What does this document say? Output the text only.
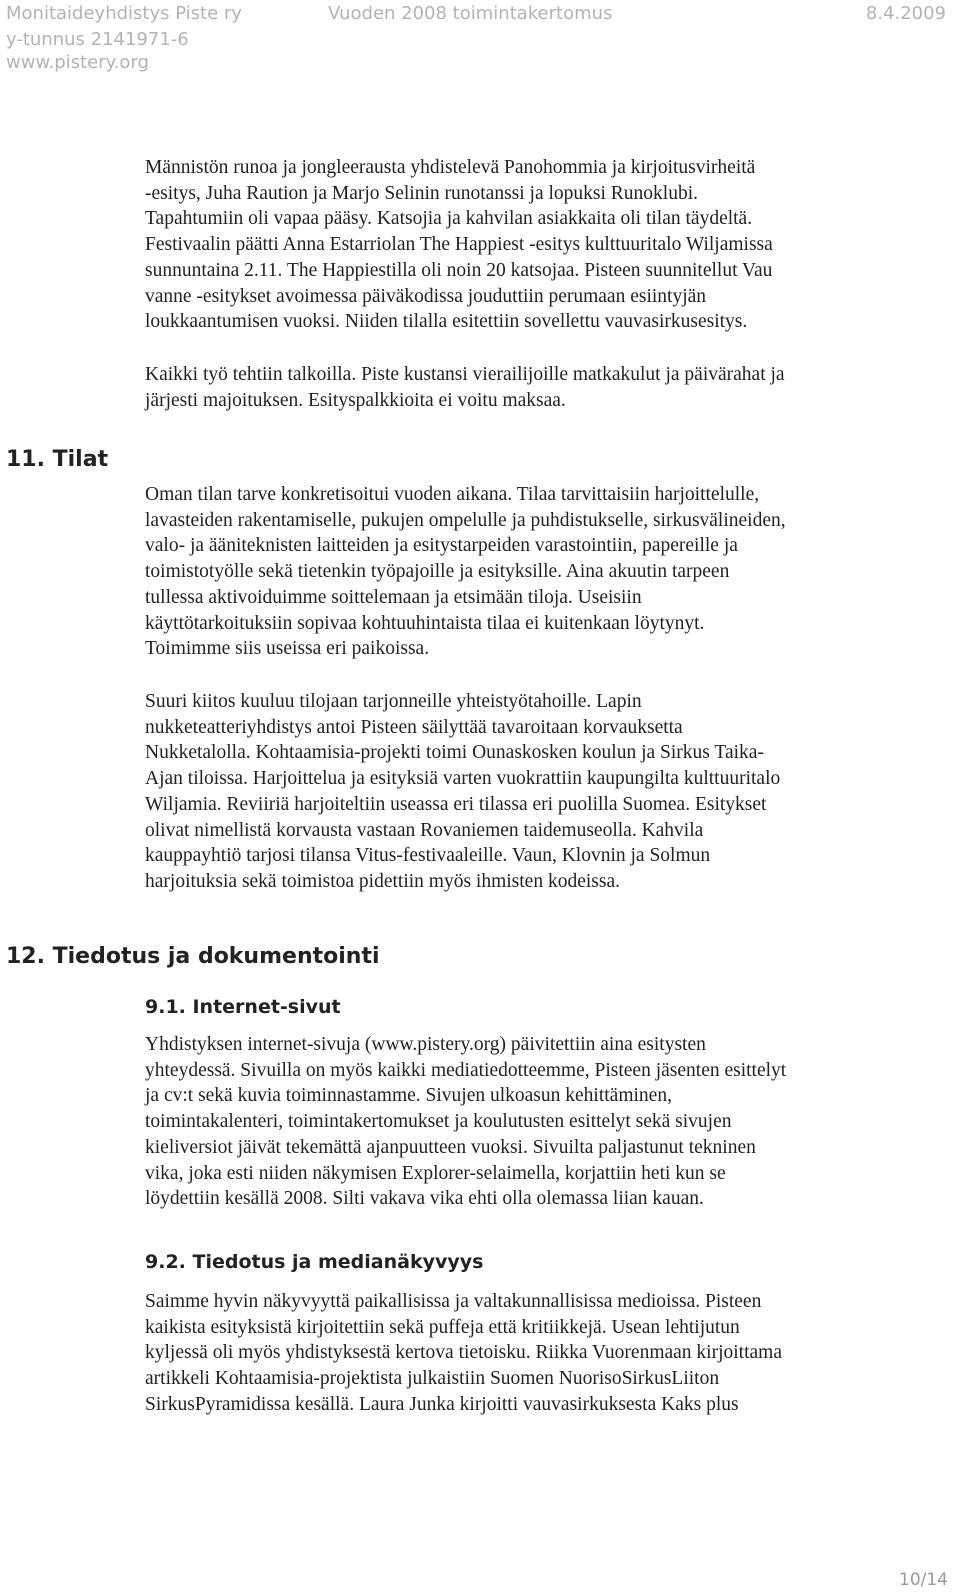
Monitaideyhdistys Piste ry	Vuoden 2008 toimintakertomus	8.4.2009
y-tunnus 2141971-6
www.pistery.org
Männistön runoa ja jongleerausta yhdistelevä Panohommia ja kirjoitusvirheitä
-esitys, Juha Raution ja Marjo Selinin runotanssi ja lopuksi Runoklubi.
Tapahtumiin oli vapaa pääsy. Katsojia ja kahvilan asiakkaita oli tilan täydeltä.
Festivaalin päätti Anna Estarriolan The Happiest -esitys kulttuuritalo Wiljamissa
sunnuntaina 2.11. The Happiestilla oli noin 20 katsojaa. Pisteen suunnitellut Vau
vanne -esitykset avoimessa päiväkodissa jouduttiin perumaan esiintyjän
loukkaantumisen vuoksi. Niiden tilalla esitettiin sovellettu vauvasirkusesitys.
Kaikki työ tehtiin talkoilla. Piste kustansi vierailijoille matkakulut ja päivärahat ja
järjesti majoituksen. Esityspalkkioita ei voitu maksaa.
11. Tilat
Oman tilan tarve konkretisoitui vuoden aikana. Tilaa tarvittaisiin harjoittelulle,
lavasteiden rakentamiselle, pukujen ompelulle ja puhdistukselle, sirkusvälineiden,
valo- ja ääniteknisten laitteiden ja esitystarpeiden varastointiin, papereille ja
toimistotyölle sekä tietenkin työpajoille ja esityksille. Aina akuutin tarpeen
tullessa aktivoiduimme soittelemaan ja etsimään tiloja. Useisiin
käyttötarkoituksiin sopivaa kohtuuhintaista tilaa ei kuitenkaan löytynyt.
Toimimme siis useissa eri paikoissa.
Suuri kiitos kuuluu tilojaan tarjonneille yhteistyötahoille. Lapin
nukketeatteriyhdistys antoi Pisteen säilyttää tavaroitaan korvauksetta
Nukketalolla. Kohtaamisia-projekti toimi Ounaskosken koulun ja Sirkus Taika-
Ajan tiloissa. Harjoittelua ja esityksiä varten vuokrattiin kaupungilta kulttuuritalo
Wiljamia. Reviiriä harjoiteltiin useassa eri tilassa eri puolilla Suomea. Esitykset
olivat nimellistä korvausta vastaan Rovaniemen taidemuseolla. Kahvila
kauppayhtiö tarjosi tilansa Vitus-festivaaleille. Vaun, Klovnin ja Solmun
harjoituksia sekä toimistoa pidettiin myös ihmisten kodeissa.
12. Tiedotus ja dokumentointi
9.1. Internet-sivut
Yhdistyksen internet-sivuja (www.pistery.org) päivitettiin aina esitysten
yhteydessä. Sivuilla on myös kaikki mediatiedotteemme, Pisteen jäsenten esittelyt
ja cv:t sekä kuvia toiminnastamme. Sivujen ulkoasun kehittäminen,
toimintakalenteri, toimintakertomukset ja koulutusten esittelyt sekä sivujen
kieliversiot jäivät tekemättä ajanpuutteen vuoksi. Sivuilta paljastunut tekninen
vika, joka esti niiden näkymisen Explorer-selaimella, korjattiin heti kun se
löydettiin kesällä 2008. Silti vakava vika ehti olla olemassa liian kauan.
9.2. Tiedotus ja medianäkyvyys
Saimme hyvin näkyvyyttä paikallisissa ja valtakunnallisissa medioissa. Pisteen
kaikista esityksistä kirjoitettiin sekä puffeja että kritiikkejä. Usean lehtijutun
kyljessä oli myös yhdistyksestä kertova tietoisku. Riikka Vuorenmaan kirjoittama
artikkeli Kohtaamisia-projektista julkaistiin Suomen NuorisoSirkusLiiton
SirkusPyramidissa kesällä. Laura Junka kirjoitti vauvasirkuksesta Kaks plus
10/14
